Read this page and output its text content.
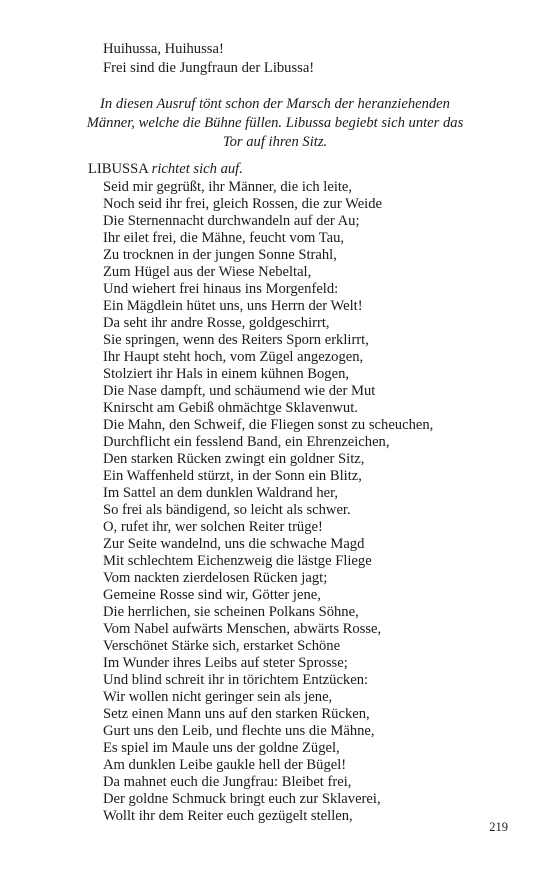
Huihussa, Huihussa!
Frei sind die Jungfraun der Libussa!
In diesen Ausruf tönt schon der Marsch der heranziehenden
Männer, welche die Bühne füllen. Libussa begiebt sich unter das
Tor auf ihren Sitz.
LIBUSSA richtet sich auf.
Seid mir gegrüßt, ihr Männer, die ich leite,
Noch seid ihr frei, gleich Rossen, die zur Weide
Die Sternennacht durchwandeln auf der Au;
Ihr eilet frei, die Mähne, feucht vom Tau,
Zu trocknen in der jungen Sonne Strahl,
Zum Hügel aus der Wiese Nebeltal,
Und wiehert frei hinaus ins Morgenfeld:
Ein Mägdlein hütet uns, uns Herrn der Welt!
Da seht ihr andre Rosse, goldgeschirrt,
Sie springen, wenn des Reiters Sporn erklirrt,
Ihr Haupt steht hoch, vom Zügel angezogen,
Stolziert ihr Hals in einem kühnen Bogen,
Die Nase dampft, und schäumend wie der Mut
Knirscht am Gebiß ohmächtge Sklavenwut.
Die Mahn, den Schweif, die Fliegen sonst zu scheuchen,
Durchflicht ein fesslend Band, ein Ehrenzeichen,
Den starken Rücken zwingt ein goldner Sitz,
Ein Waffenheld stürzt, in der Sonn ein Blitz,
Im Sattel an dem dunklen Waldrand her,
So frei als bändigend, so leicht als schwer.
O, rufet ihr, wer solchen Reiter trüge!
Zur Seite wandelnd, uns die schwache Magd
Mit schlechtem Eichenzweig die lästge Fliege
Vom nackten zierdelosen Rücken jagt;
Gemeine Rosse sind wir, Götter jene,
Die herrlichen, sie scheinen Polkans Söhne,
Vom Nabel aufwärts Menschen, abwärts Rosse,
Verschönet Stärke sich, erstarket Schöne
Im Wunder ihres Leibs auf steter Sprosse;
Und blind schreit ihr in törichtem Entzücken:
Wir wollen nicht geringer sein als jene,
Setz einen Mann uns auf den starken Rücken,
Gurt uns den Leib, und flechte uns die Mähne,
Es spiel im Maule uns der goldne Zügel,
Am dunklen Leibe gaukle hell der Bügel!
Da mahnet euch die Jungfrau: Bleibet frei,
Der goldne Schmuck bringt euch zur Sklaverei,
Wollt ihr dem Reiter euch gezügelt stellen,
219
